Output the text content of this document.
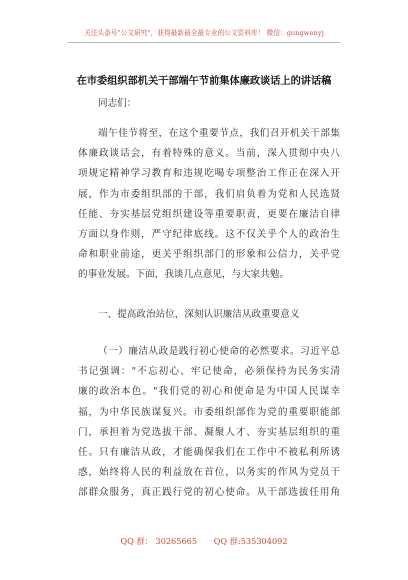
关注头条号"公文研究"，获得最新最全最专业的公文资料库！ 微信：gongwenyj
在市委组织部机关干部端午节前集体廉政谈话上的讲话稿
同志们：
端午佳节将至，在这个重要节点，我们召开机关干部集
体廉政谈话会，有着特殊的意义。当前，深入贯彻中央八
项规定精神学习教育和违规吃喝专项整治工作正在深入开
展，作为市委组织部的干部，我们肩负着为党和人民选贤
任能、夯实基层党组织建设等重要职责，更要在廉洁自律
方面以身作则，严守纪律底线。这不仅关乎个人的政治生
命和职业前途，更关乎组织部门的形象和公信力，关乎党
的事业发展。下面，我谈几点意见，与大家共勉。
一、提高政治站位，深刻认识廉洁从政重要意义
（一）廉洁从政是践行初心使命的必然要求。习近平总
书记强调："不忘初心、牢记使命，必须保持为民务实清
廉的政治本色。"我们党的初心和使命是为中国人民谋幸
福，为中华民族谋复兴。市委组织部作为党的重要职能部
门，承担着为党选拔干部、凝聚人才、夯实基层组织的重
任。只有廉洁从政，才能确保我们在工作中不被私利所诱
惑，始终将人民的利益放在首位，以务实的作风为党员干
部群众服务，真正践行党的初心使命。从干部选拔任用角
QQ 群： 30265665 QQ 群:535304092
